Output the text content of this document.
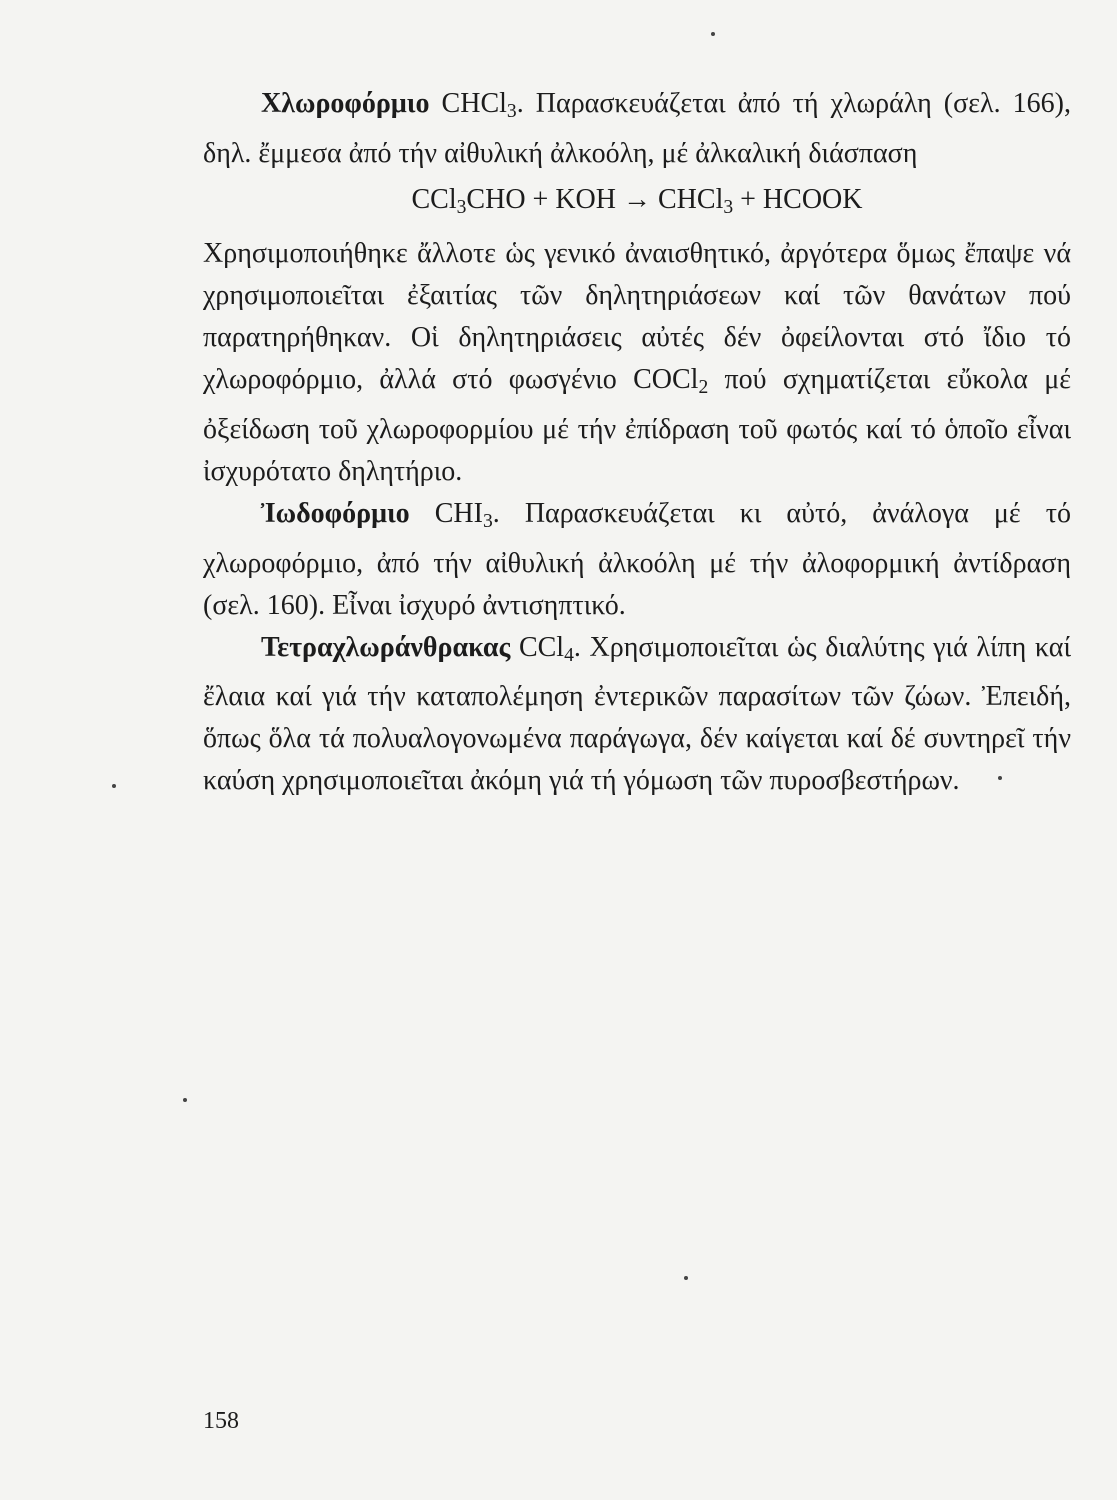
Χλωροφόρμιο CHCl$_3$. Παρασκευάζεται ἀπό τή χλωράλη (σελ. 166), δηλ. ἔμμεσα ἀπό τήν αἰθυλική ἀλκοόλη, μέ ἀλκαλική διάσπαση

CCl$_3$CHO + KOH → CHCl$_3$ + HCOOK

Χρησιμοποιήθηκε ἄλλοτε ὡς γενικό ἀναισθητικό, ἀργότερα ὅμως ἔπαψε νά χρησιμοποιεῖται ἐξαιτίας τῶν δηλητηριάσεων καί τῶν θανάτων πού παρατηρήθηκαν. Οἱ δηλητηριάσεις αὐτές δέν ὀφείλονται στό ἴδιο τό χλωροφόρμιο, ἀλλά στό φωσγένιο COCl$_2$ πού σχηματίζεται εὔκολα μέ ὀξείδωση τοῦ χλωροφορμίου μέ τήν ἐπίδραση τοῦ φωτός καί τό ὁποῖο εἶναι ἰσχυρότατο δηλητήριο.

Ἰωδοφόρμιο $CHI_3$. Παρασκευάζεται κι αὐτό, ἀνάλογα μέ τό χλωροφόρμιο, ἀπό τήν αἰθυλική ἀλκοόλη μέ τήν ἀλοφορμική ἀντίδραση (σελ. 160). Εἶναι ἰσχυρό ἀντισηπτικό.

Τετραχλωράνθρακας CCl$_4$. Χρησιμοποιεῖται ὡς διαλύτης γιά λίπη καί ἔλαια καί γιά τήν καταπολέμηση ἐντερικῶν παρασίτων τῶν ζώων. Ἐπειδή, ὅπως ὅλα τά πολυαλογονωμένα παράγωγα, δέν καίγεται καί δέ συντηρεῖ τήν καύση χρησιμοποιεῖται ἀκόμη γιά τή γόμωση τῶν πυροσβεστήρων.

158
